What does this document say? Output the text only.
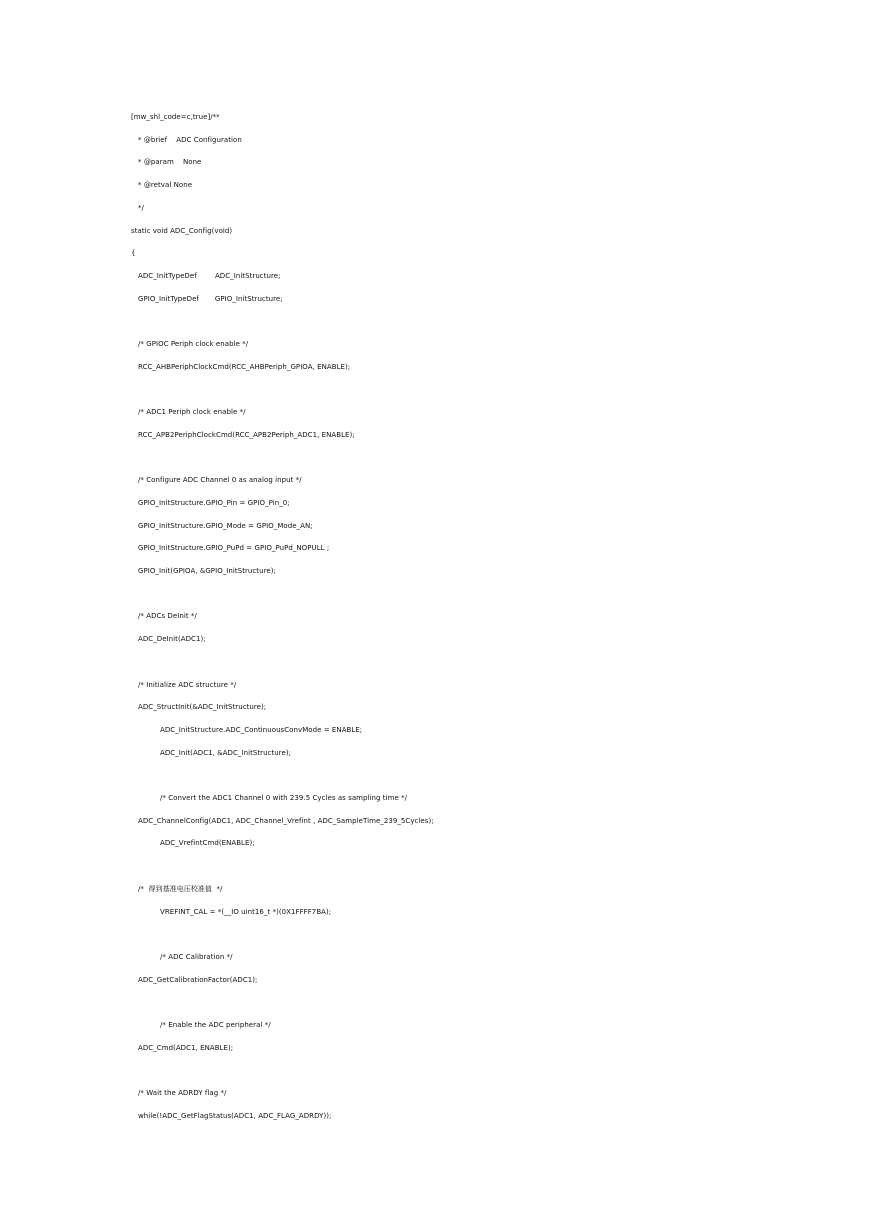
[mw_shl_code=c,true]/**
* @brief    ADC Configuration
* @param    None
* @retval None
*/
static void ADC_Config(void)
{
ADC_InitTypeDef        ADC_InitStructure;
GPIO_InitTypeDef       GPIO_InitStructure;
/* GPIOC Periph clock enable */
RCC_AHBPeriphClockCmd(RCC_AHBPeriph_GPIOA, ENABLE);
/* ADC1 Periph clock enable */
RCC_APB2PeriphClockCmd(RCC_APB2Periph_ADC1, ENABLE);
/* Configure ADC Channel 0 as analog input */
GPIO_InitStructure.GPIO_Pin = GPIO_Pin_0;
GPIO_InitStructure.GPIO_Mode = GPIO_Mode_AN;
GPIO_InitStructure.GPIO_PuPd = GPIO_PuPd_NOPULL ;
GPIO_Init(GPIOA, &GPIO_InitStructure);
/* ADCs DeInit */
ADC_DeInit(ADC1);
/* Initialize ADC structure */
ADC_StructInit(&ADC_InitStructure);
ADC_InitStructure.ADC_ContinuousConvMode = ENABLE;
ADC_Init(ADC1, &ADC_InitStructure);
/* Convert the ADC1 Channel 0 with 239.5 Cycles as sampling time */
ADC_ChannelConfig(ADC1, ADC_Channel_Vrefint , ADC_SampleTime_239_5Cycles);
ADC_VrefintCmd(ENABLE);
/*  得到基准电压校准值  */
VREFINT_CAL = *(__IO uint16_t *)(0X1FFFF7BA);
/* ADC Calibration */
ADC_GetCalibrationFactor(ADC1);
/* Enable the ADC peripheral */
ADC_Cmd(ADC1, ENABLE);
/* Wait the ADRDY flag */
while(!ADC_GetFlagStatus(ADC1, ADC_FLAG_ADRDY));
